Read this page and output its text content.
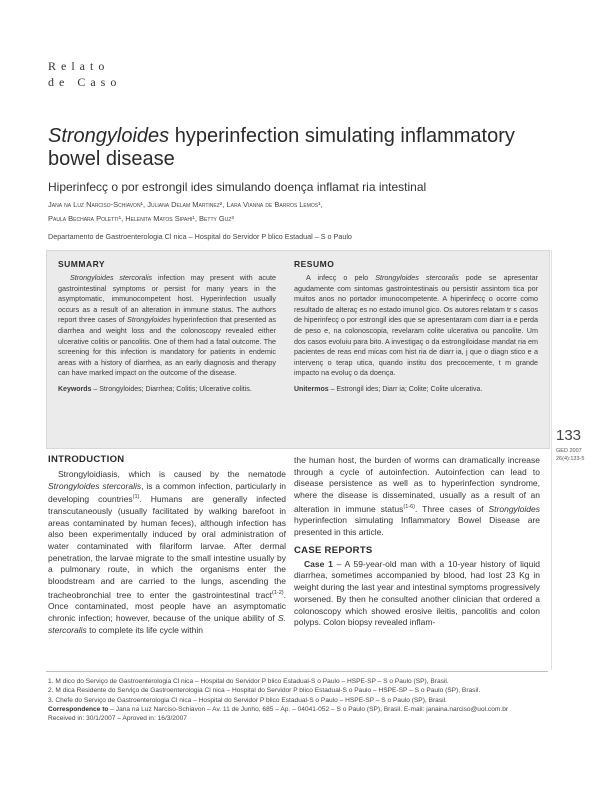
Relato
de Caso
Strongyloides hyperinfection simulating inflammatory bowel disease
Hiperinfecç o por estrongil ides simulando doença inflamat ria intestinal
Jana na Luz Narciso-Schiavon¹, Juliana Delam Martinez², Lara Vianna de Barros Lemos¹,
Paula Bechara Poletti¹, Helenita Matos Sipahi¹, Betty Guz³
Departamento de Gastroenterologia Cl nica – Hospital do Servidor P blico Estadual – S o Paulo
SUMMARY
Strongyloides stercoralis infection may present with acute gastrointestinal symptoms or persist for many years in the asymptomatic, immunocompetent host. Hyperinfection usually occurs as a result of an alteration in immune status. The authors report three cases of Strongyloides hyperinfection that presented as diarrhea and weight loss and the colonoscopy revealed either ulcerative colitis or pancolitis. One of them had a fatal outcome. The screening for this infection is mandatory for patients in endemic areas with a history of diarrhea, as an early diagnosis and therapy can have marked impact on the outcome of the disease.
Keywords – Strongyloides; Diarrhea; Colitis; Ulcerative colitis.
RESUMO
A infecç o pelo Strongyloides stercoralis pode se apresentar agudamente com sintomas gastrointestinais ou persistir assintom tica por muitos anos no portador imunocompetente. A hiperinfecç o ocorre como resultado de alteraç es no estado imunol gico. Os autores relatam tr s casos de hiperinfecç o por estrongil ides que se apresentaram com diarr ia e perda de peso e, na colonoscopia, revelaram colite ulcerativa ou pancolite. Um dos casos evoluiu para bito. A investigaç o da estrongiloidase mandat ria em pacientes de reas end micas com hist ria de diarr ia, j que o diagn stico e a intervenç o terap utica, quando institu dos precocemente, t m grande impacto na evoluç o da doença.
Unitermos – Estrongil ides; Diarr ia; Colite; Colite ulcerativa.
133
GED 2007
26(4):133-5
INTRODUCTION
Strongyloidiasis, which is caused by the nematode Strongyloides stercoralis, is a common infection, particularly in developing countries$^{(1)}$. Humans are generally infected transcutaneously (usually facilitated by walking barefoot in areas contaminated by human feces), although infection has also been experimentally induced by oral administration of water contaminated with filariform larvae. After dermal penetration, the larvae migrate to the small intestine usually by a pulmonary route, in which the organisms enter the bloodstream and are carried to the lungs, ascending the tracheobronchial tree to enter the gastrointestinal tract$^{(1-2)}$. Once contaminated, most people have an asymptomatic chronic infection; however, because of the unique ability of S. stercoralis to complete its life cycle within
the human host, the burden of worms can dramatically increase through a cycle of autoinfection. Autoinfection can lead to disease persistence as well as to hyperinfection syndrome, where the disease is disseminated, usually as a result of an alteration in immune status$^{(1-6)}$. Three cases of Strongyloides hyperinfection simulating Inflammatory Bowel Disease are presented in this article.
CASE REPORTS
Case 1 – A 59-year-old man with a 10-year history of liquid diarrhea, sometimes accompanied by blood, had lost 23 Kg in weight during the last year and intestinal symptoms progressively worsened. By then he consulted another clinician that ordered a colonoscopy which showed erosive ileitis, pancolitis and colon polyps. Colon biopsy revealed inflam-
1. M dico do Serviço de Gastroenterologia Cl nica – Hospital do Servidor P blico Estadual-S o Paulo – HSPE-SP – S o Paulo (SP), Brasil.
2. M dica Residente do Serviço de Gastroenterologia Cl nica – Hospital do Servidor P blico Estadual-S o Paulo – HSPE-SP – S o Paulo (SP), Brasil.
3. Chefe do Serviço de Gastroenterologia Cl nica – Hospital do Servidor P blico Estadual-S o Paulo – HSPE-SP – S o Paulo (SP), Brasil.
Correspondence to – Jana na Luz Narciso-Schiavon – Av. 11 de Junho, 685 – Ap. – 04041-052 – S o Paulo (SP), Brasil. E-mail: janaina.narciso@uol.com.br
Received in: 30/1/2007 – Aproved in: 16/3/2007
